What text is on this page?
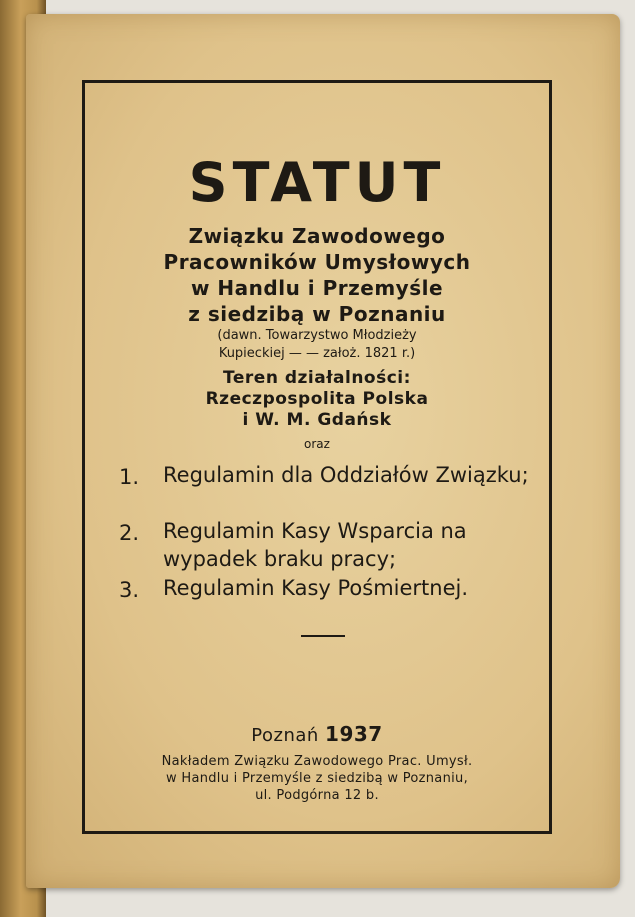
STATUT
Związku Zawodowego
Pracowników Umysłowych
w Handlu i Przemyśle
z siedzibą w Poznaniu
(dawn. Towarzystwo Młodzieży
Kupieckiej — — założ. 1821 r.)
Teren działalności:
Rzeczpospolita Polska
i W. M. Gdańsk
oraz
1. Regulamin dla Oddziałów Związku;
2. Regulamin Kasy Wsparcia na wypadek braku pracy;
3. Regulamin Kasy Pośmiertnej.
Poznań 1937
Nakładem Związku Zawodowego Prac. Umysł.
w Handlu i Przemyśle z siedzibą w Poznaniu,
ul. Podgórna 12 b.
